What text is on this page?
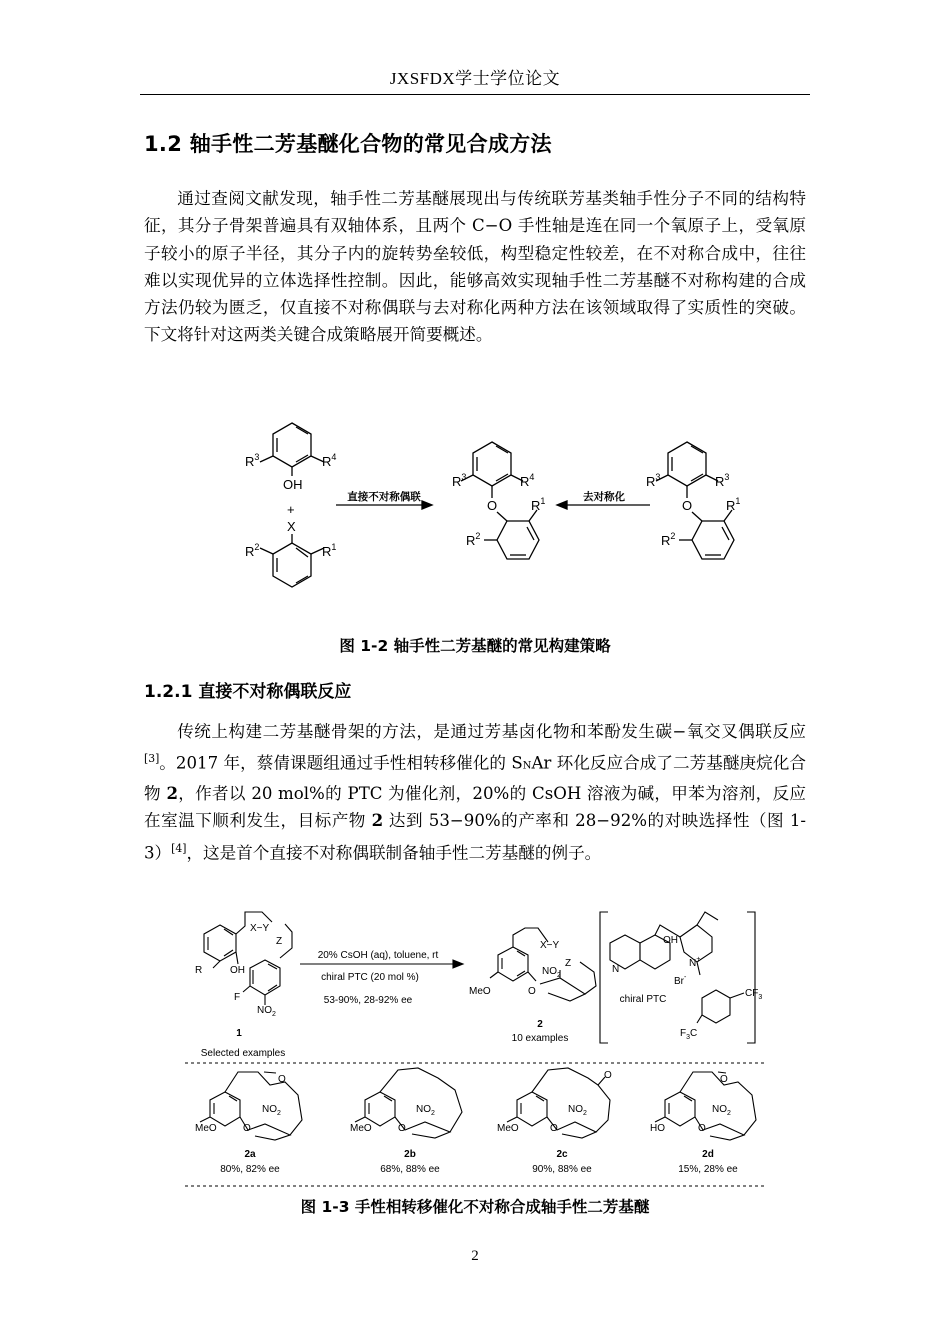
JXSFDX学士学位论文
1.2 轴手性二芳基醚化合物的常见合成方法
通过查阅文献发现，轴手性二芳基醚展现出与传统联芳基类轴手性分子不同的结构特征，其分子骨架普遍具有双轴体系，且两个 C−O 手性轴是连在同一个氧原子上，受氧原子较小的原子半径，其分子内的旋转势垒较低，构型稳定性较差，在不对称合成中，往往难以实现优异的立体选择性控制。因此，能够高效实现轴手性二芳基醚不对称构建的合成方法仍较为匮乏，仅直接不对称偶联与去对称化两种方法在该领域取得了实质性的突破。下文将针对这两类关键合成策略展开简要概述。
$R^3$	$R^4$
OH
+
X
$R^2$	$R^1$
$R^3$	$R^4$
O	$R^1$
$R^2$
$R^3$	$R^3$
O	$R^1$
$R^2$
直接不对称偶联	去对称化
图 1-2 轴手性二芳基醚的常见构建策略
1.2.1 直接不对称偶联反应
传统上构建二芳基醚骨架的方法，是通过芳基卤化物和苯酚发生碳−氧交叉偶联反应[3]。2017 年，蔡倩课题组通过手性相转移催化的 SNAr 环化反应合成了二芳基醚庚烷化合物 2，作者以 20 mol%的 PTC 为催化剂，20%的 CsOH 溶液为碱，甲苯为溶剂，反应在室温下顺利发生，目标产物 2 达到 53−90%的产率和 28−92%的对映选择性（图 1-3）[4]，这是首个直接不对称偶联制备轴手性二芳基醚的例子。
X−Y
Z
R	OH
F
$NO_2$
X−Y
Z
$NO_2$
MeO	O
OH
N
N+
Br-
$CF_3$
$F_3C$
$NO_2$
MeO	O
O
$NO_2$
MeO	O
$NO_2$
MeO	O
O
$NO_2$
HO	O
O
20% CsOH (aq), toluene, rt
chiral PTC (20 mol %)
53-90%, 28-92% ee
1
Selected examples
2
10 examples
chiral PTC
2a
80%, 82% ee
2b
68%, 88% ee
2c
90%, 88% ee
2d
15%, 28% ee
图 1-3 手性相转移催化不对称合成轴手性二芳基醚
2
